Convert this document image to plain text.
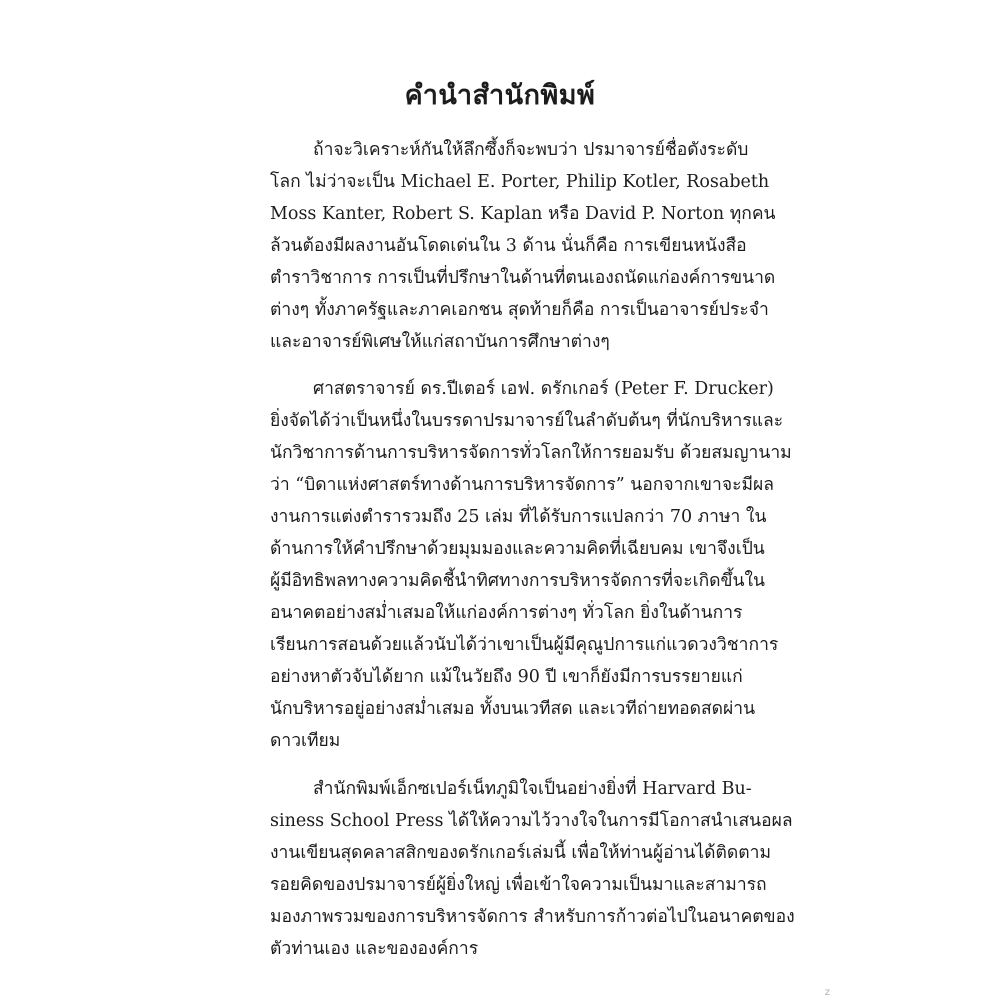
คำนำสำนักพิมพ์
ถ้าจะวิเคราะห์กันให้ลึกซึ้งก็จะพบว่า ปรมาจารย์ชื่อดังระดับ
โลก ไม่ว่าจะเป็น Michael E. Porter, Philip Kotler, Rosabeth
Moss Kanter, Robert S. Kaplan หรือ David P. Norton ทุกคน
ล้วนต้องมีผลงานอันโดดเด่นใน 3 ด้าน นั่นก็คือ การเขียนหนังสือ
ตำราวิชาการ การเป็นที่ปรึกษาในด้านที่ตนเองถนัดแก่องค์การขนาด
ต่างๆ ทั้งภาครัฐและภาคเอกชน สุดท้ายก็คือ การเป็นอาจารย์ประจำ
และอาจารย์พิเศษให้แก่สถาบันการศึกษาต่างๆ
ศาสตราจารย์ ดร.ปีเตอร์ เอฟ. ดรักเกอร์ (Peter F. Drucker)
ยิ่งจัดได้ว่าเป็นหนึ่งในบรรดาปรมาจารย์ในลำดับต้นๆ ที่นักบริหารและ
นักวิชาการด้านการบริหารจัดการทั่วโลกให้การยอมรับ ด้วยสมญานาม
ว่า “บิดาแห่งศาสตร์ทางด้านการบริหารจัดการ” นอกจากเขาจะมีผล
งานการแต่งตำรารวมถึง 25 เล่ม ที่ได้รับการแปลกว่า 70 ภาษา ใน
ด้านการให้คำปรึกษาด้วยมุมมองและความคิดที่เฉียบคม เขาจึงเป็น
ผู้มีอิทธิพลทางความคิดชี้นำทิศทางการบริหารจัดการที่จะเกิดขึ้นใน
อนาคตอย่างสม่ำเสมอให้แก่องค์การต่างๆ ทั่วโลก ยิ่งในด้านการ
เรียนการสอนด้วยแล้วนับได้ว่าเขาเป็นผู้มีคุณูปการแก่แวดวงวิชาการ
อย่างหาตัวจับได้ยาก แม้ในวัยถึง 90 ปี เขาก็ยังมีการบรรยายแก่
นักบริหารอยู่อย่างสม่ำเสมอ ทั้งบนเวทีสด และเวทีถ่ายทอดสดผ่าน
ดาวเทียม
สำนักพิมพ์เอ็กซเปอร์เน็ทภูมิใจเป็นอย่างยิ่งที่ Harvard Bu-
siness School Press ได้ให้ความไว้วางใจในการมีโอกาสนำเสนอผล
งานเขียนสุดคลาสสิกของดรักเกอร์เล่มนี้ เพื่อให้ท่านผู้อ่านได้ติดตาม
รอยคิดของปรมาจารย์ผู้ยิ่งใหญ่ เพื่อเข้าใจความเป็นมาและสามารถ
มองภาพรวมของการบริหารจัดการ สำหรับการก้าวต่อไปในอนาคตของ
ตัวท่านเอง และขององค์การ
z
